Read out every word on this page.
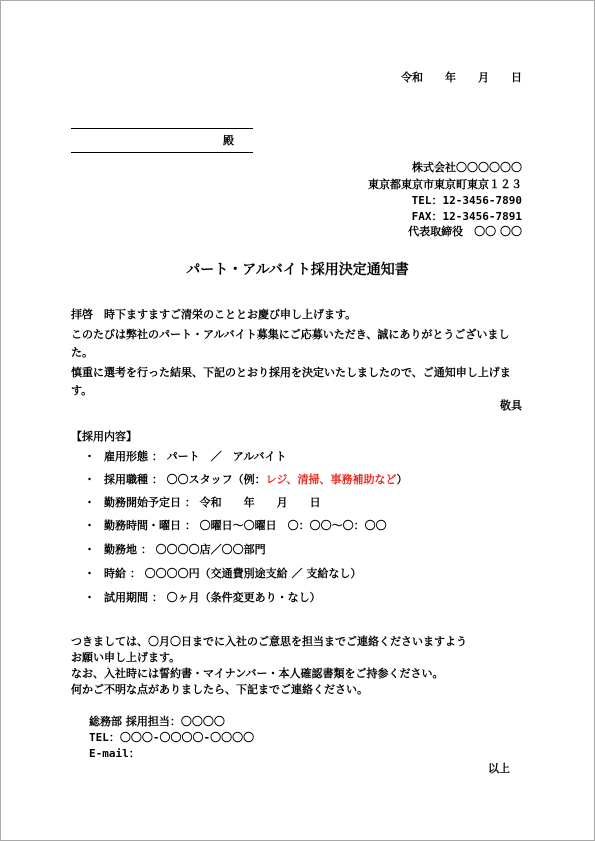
令和　　年　　月　　日
殿
株式会社〇〇〇〇〇〇
東京都東京市東京町東京１２３
TEL：12-3456-7890
FAX：12-3456-7891
代表取締役　〇〇 〇〇
パート・アルバイト採用決定通知書
拝啓　時下ますますご清栄のこととお慶び申し上げます。
このたびは弊社のパート・アルバイト募集にご応募いただき、誠にありがとうございました。
慎重に選考を行った結果、下記のとおり採用を決定いたしましたので、ご通知申し上げます。
敬具
【採用内容】
・ 雇用形態 ： パート　／　アルバイト
・ 採用職種 ： 〇〇スタッフ（例：レジ、清掃、事務補助など）
・ 勤務開始予定日 ： 令和　　年　　月　　日
・ 勤務時間・曜日 ： 〇曜日～〇曜日　〇：〇〇～〇：〇〇
・ 勤務地 ： 〇〇〇〇店／〇〇部門
・ 時給 ： 〇〇〇〇円（交通費別途支給 ／ 支給なし）
・ 試用期間 ： 〇ヶ月（条件変更あり・なし）
つきましては、〇月〇日までに入社のご意思を担当までご連絡くださいますよう
お願い申し上げます。
なお、入社時には誓約書・マイナンバー・本人確認書類をご持参ください。
何かご不明な点がありましたら、下記までご連絡ください。
総務部 採用担当：〇〇〇〇
TEL：〇〇〇-〇〇〇〇-〇〇〇〇
E-mail：
以上
